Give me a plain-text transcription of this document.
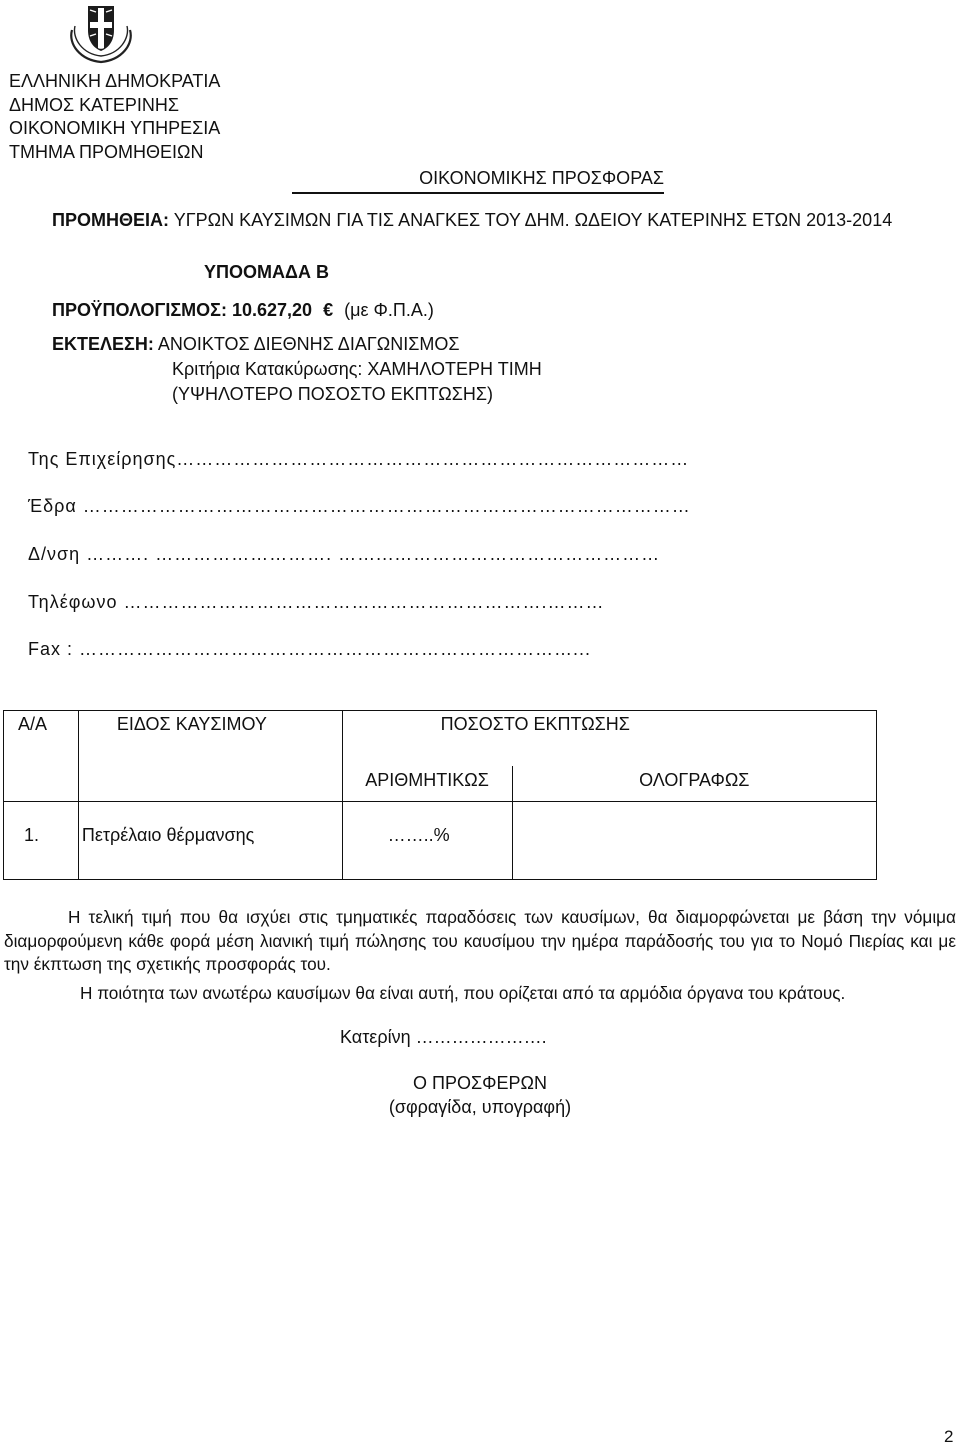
ΕΛΛΗΝΙΚΗ ΔΗΜΟΚΡΑΤΙΑ
ΔΗΜΟΣ ΚΑΤΕΡΙΝΗΣ
ΟΙΚΟΝΟΜΙΚΗ ΥΠΗΡΕΣΙΑ
ΤΜΗΜΑ ΠΡΟΜΗΘΕΙΩΝ
ΟΙΚΟΝΟΜΙΚΗΣ ΠΡΟΣΦΟΡΑΣ
ΠΡΟΜΗΘΕΙΑ: ΥΓΡΩΝ ΚΑΥΣΙΜΩΝ ΓΙΑ ΤΙΣ ΑΝΑΓΚΕΣ ΤΟΥ ΔΗΜ. ΩΔΕΙΟΥ ΚΑΤΕΡΙΝΗΣ ΕΤΩΝ 2013-2014
ΥΠΟΟΜΑΔΑ Β
ΠΡΟΫΠΟΛΟΓΙΣΜΟΣ: 10.627,20 € (με Φ.Π.Α.)
ΕΚΤΕΛΕΣΗ: ΑΝΟΙΚΤΟΣ ΔΙΕΘΝΗΣ ΔΙΑΓΩΝΙΣΜΟΣ
Κριτήρια Κατακύρωσης: ΧΑΜΗΛΟΤΕΡΗ ΤΙΜΗ
(ΥΨΗΛΟΤΕΡΟ ΠΟΣΟΣΤΟ ΕΚΠΤΩΣΗΣ)
Της Επιχείρησης………………………………………………………………………
Έδρα ……………………………………………………………………………………
Δ/νση ………. ………………………. ……...……………………………………
Τηλέφωνο ………………………………………………………….………
Fax : ……………………………………………………………………...
Α/Α	ΕΙΔΟΣ ΚΑΥΣΙΜΟΥ	ΠΟΣΟΣΤΟ ΕΚΠΤΩΣΗΣ	
		ΑΡΙΘΜΗΤΙΚΩΣ	ΟΛΟΓΡΑΦΩΣ
1.	Πετρέλαιο θέρμανσης	……..%	
Η τελική τιμή που θα ισχύει στις τμηματικές παραδόσεις των καυσίμων, θα διαμορφώνεται με βάση την νόμιμα διαμορφούμενη κάθε φορά μέση λιανική τιμή πώλησης του καυσίμου την ημέρα παράδοσής του για το Νομό Πιερίας και με την έκπτωση της σχετικής προσφοράς του.
Η ποιότητα των ανωτέρω καυσίμων θα είναι αυτή, που ορίζεται από τα αρμόδια όργανα του κράτους.
Κατερίνη ………………….
Ο ΠΡΟΣΦΕΡΩΝ
(σφραγίδα, υπογραφή)
2
